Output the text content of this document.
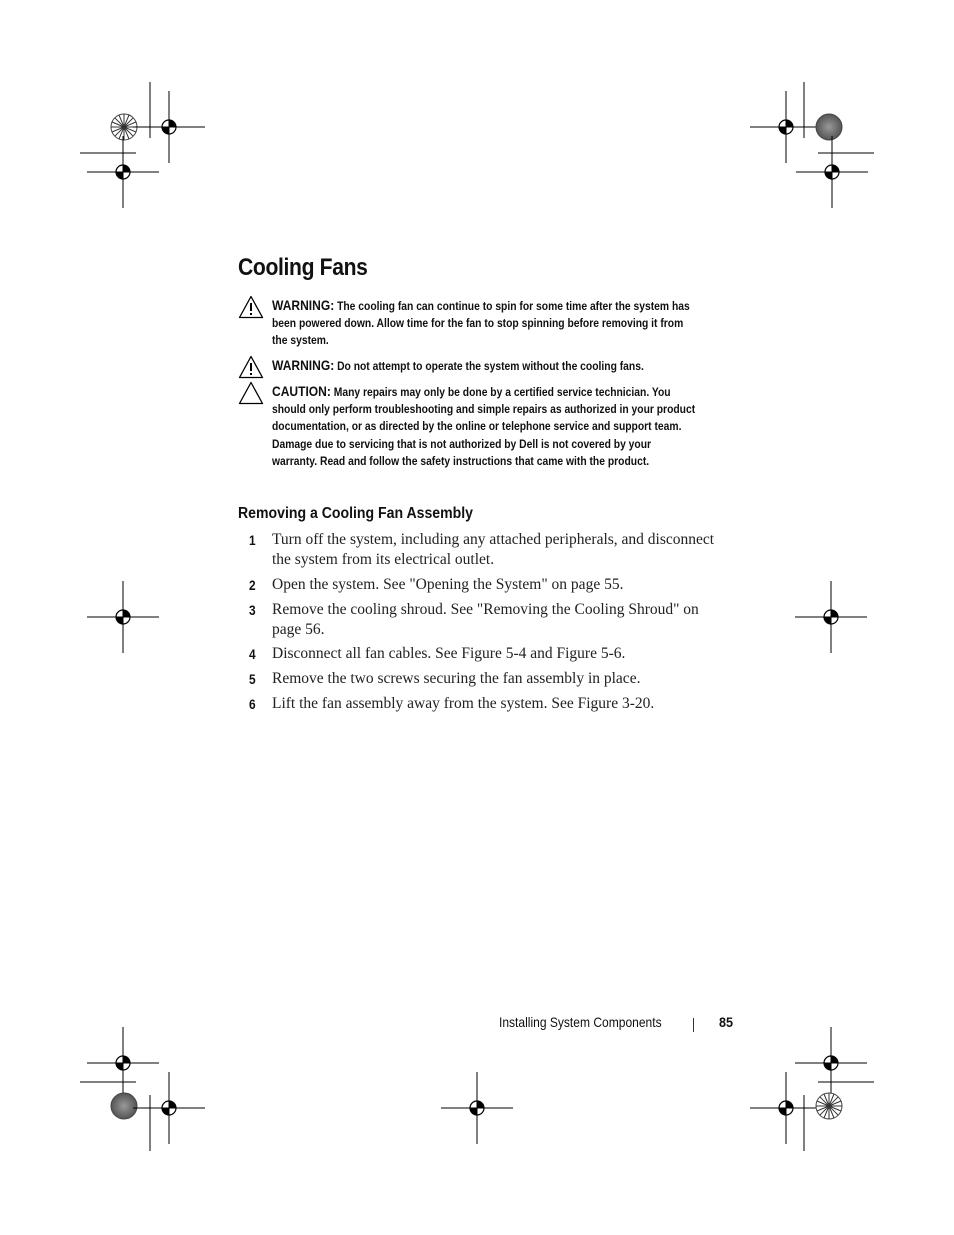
Cooling Fans
WARNING: The cooling fan can continue to spin for some time after the system has been powered down. Allow time for the fan to stop spinning before removing it from the system.
WARNING: Do not attempt to operate the system without the cooling fans.
CAUTION: Many repairs may only be done by a certified service technician. You should only perform troubleshooting and simple repairs as authorized in your product documentation, or as directed by the online or telephone service and support team. Damage due to servicing that is not authorized by Dell is not covered by your warranty. Read and follow the safety instructions that came with the product.
Removing a Cooling Fan Assembly
1 Turn off the system, including any attached peripherals, and disconnect the system from its electrical outlet.
2 Open the system. See "Opening the System" on page 55.
3 Remove the cooling shroud. See "Removing the Cooling Shroud" on page 56.
4 Disconnect all fan cables. See Figure 5-4 and Figure 5-6.
5 Remove the two screws securing the fan assembly in place.
6 Lift the fan assembly away from the system. See Figure 3-20.
Installing System Components	85
